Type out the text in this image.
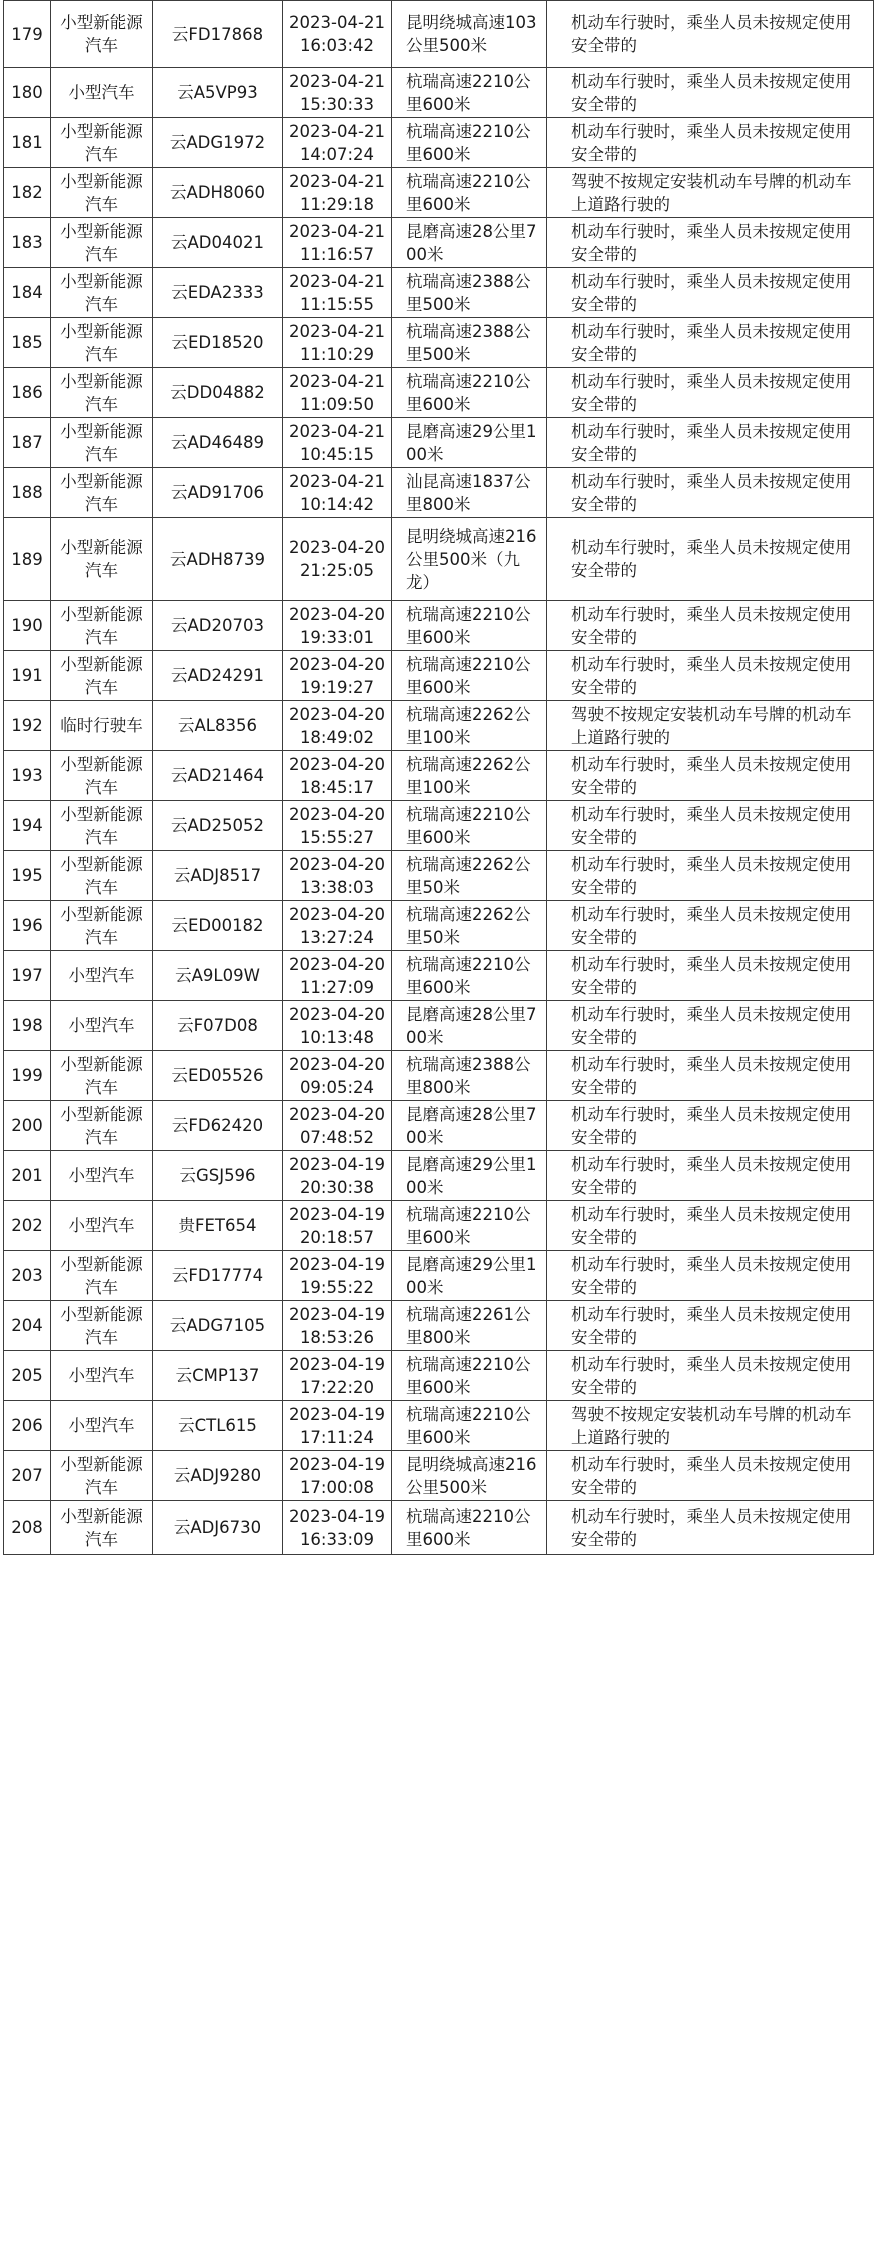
179	小型新能源汽车	云FD17868	2023-04-21 16:03:42	昆明绕城高速103公里500米	机动车行驶时，乘坐人员未按规定使用安全带的
180	小型汽车	云A5VP93	2023-04-21 15:30:33	杭瑞高速2210公里600米	机动车行驶时，乘坐人员未按规定使用安全带的
181	小型新能源汽车	云ADG1972	2023-04-21 14:07:24	杭瑞高速2210公里600米	机动车行驶时，乘坐人员未按规定使用安全带的
182	小型新能源汽车	云ADH8060	2023-04-21 11:29:18	杭瑞高速2210公里600米	驾驶不按规定安装机动车号牌的机动车上道路行驶的
183	小型新能源汽车	云AD04021	2023-04-21 11:16:57	昆磨高速28公里700米	机动车行驶时，乘坐人员未按规定使用安全带的
184	小型新能源汽车	云EDA2333	2023-04-21 11:15:55	杭瑞高速2388公里500米	机动车行驶时，乘坐人员未按规定使用安全带的
185	小型新能源汽车	云ED18520	2023-04-21 11:10:29	杭瑞高速2388公里500米	机动车行驶时，乘坐人员未按规定使用安全带的
186	小型新能源汽车	云DD04882	2023-04-21 11:09:50	杭瑞高速2210公里600米	机动车行驶时，乘坐人员未按规定使用安全带的
187	小型新能源汽车	云AD46489	2023-04-21 10:45:15	昆磨高速29公里100米	机动车行驶时，乘坐人员未按规定使用安全带的
188	小型新能源汽车	云AD91706	2023-04-21 10:14:42	汕昆高速1837公里800米	机动车行驶时，乘坐人员未按规定使用安全带的
189	小型新能源汽车	云ADH8739	2023-04-20 21:25:05	昆明绕城高速216公里500米（九龙）	机动车行驶时，乘坐人员未按规定使用安全带的
190	小型新能源汽车	云AD20703	2023-04-20 19:33:01	杭瑞高速2210公里600米	机动车行驶时，乘坐人员未按规定使用安全带的
191	小型新能源汽车	云AD24291	2023-04-20 19:19:27	杭瑞高速2210公里600米	机动车行驶时，乘坐人员未按规定使用安全带的
192	临时行驶车	云AL8356	2023-04-20 18:49:02	杭瑞高速2262公里100米	驾驶不按规定安装机动车号牌的机动车上道路行驶的
193	小型新能源汽车	云AD21464	2023-04-20 18:45:17	杭瑞高速2262公里100米	机动车行驶时，乘坐人员未按规定使用安全带的
194	小型新能源汽车	云AD25052	2023-04-20 15:55:27	杭瑞高速2210公里600米	机动车行驶时，乘坐人员未按规定使用安全带的
195	小型新能源汽车	云ADJ8517	2023-04-20 13:38:03	杭瑞高速2262公里50米	机动车行驶时，乘坐人员未按规定使用安全带的
196	小型新能源汽车	云ED00182	2023-04-20 13:27:24	杭瑞高速2262公里50米	机动车行驶时，乘坐人员未按规定使用安全带的
197	小型汽车	云A9L09W	2023-04-20 11:27:09	杭瑞高速2210公里600米	机动车行驶时，乘坐人员未按规定使用安全带的
198	小型汽车	云F07D08	2023-04-20 10:13:48	昆磨高速28公里700米	机动车行驶时，乘坐人员未按规定使用安全带的
199	小型新能源汽车	云ED05526	2023-04-20 09:05:24	杭瑞高速2388公里800米	机动车行驶时，乘坐人员未按规定使用安全带的
200	小型新能源汽车	云FD62420	2023-04-20 07:48:52	昆磨高速28公里700米	机动车行驶时，乘坐人员未按规定使用安全带的
201	小型汽车	云GSJ596	2023-04-19 20:30:38	昆磨高速29公里100米	机动车行驶时，乘坐人员未按规定使用安全带的
202	小型汽车	贵FET654	2023-04-19 20:18:57	杭瑞高速2210公里600米	机动车行驶时，乘坐人员未按规定使用安全带的
203	小型新能源汽车	云FD17774	2023-04-19 19:55:22	昆磨高速29公里100米	机动车行驶时，乘坐人员未按规定使用安全带的
204	小型新能源汽车	云ADG7105	2023-04-19 18:53:26	杭瑞高速2261公里800米	机动车行驶时，乘坐人员未按规定使用安全带的
205	小型汽车	云CMP137	2023-04-19 17:22:20	杭瑞高速2210公里600米	机动车行驶时，乘坐人员未按规定使用安全带的
206	小型汽车	云CTL615	2023-04-19 17:11:24	杭瑞高速2210公里600米	驾驶不按规定安装机动车号牌的机动车上道路行驶的
207	小型新能源汽车	云ADJ9280	2023-04-19 17:00:08	昆明绕城高速216公里500米	机动车行驶时，乘坐人员未按规定使用安全带的
208	小型新能源汽车	云ADJ6730	2023-04-19 16:33:09	杭瑞高速2210公里600米	机动车行驶时，乘坐人员未按规定使用安全带的
